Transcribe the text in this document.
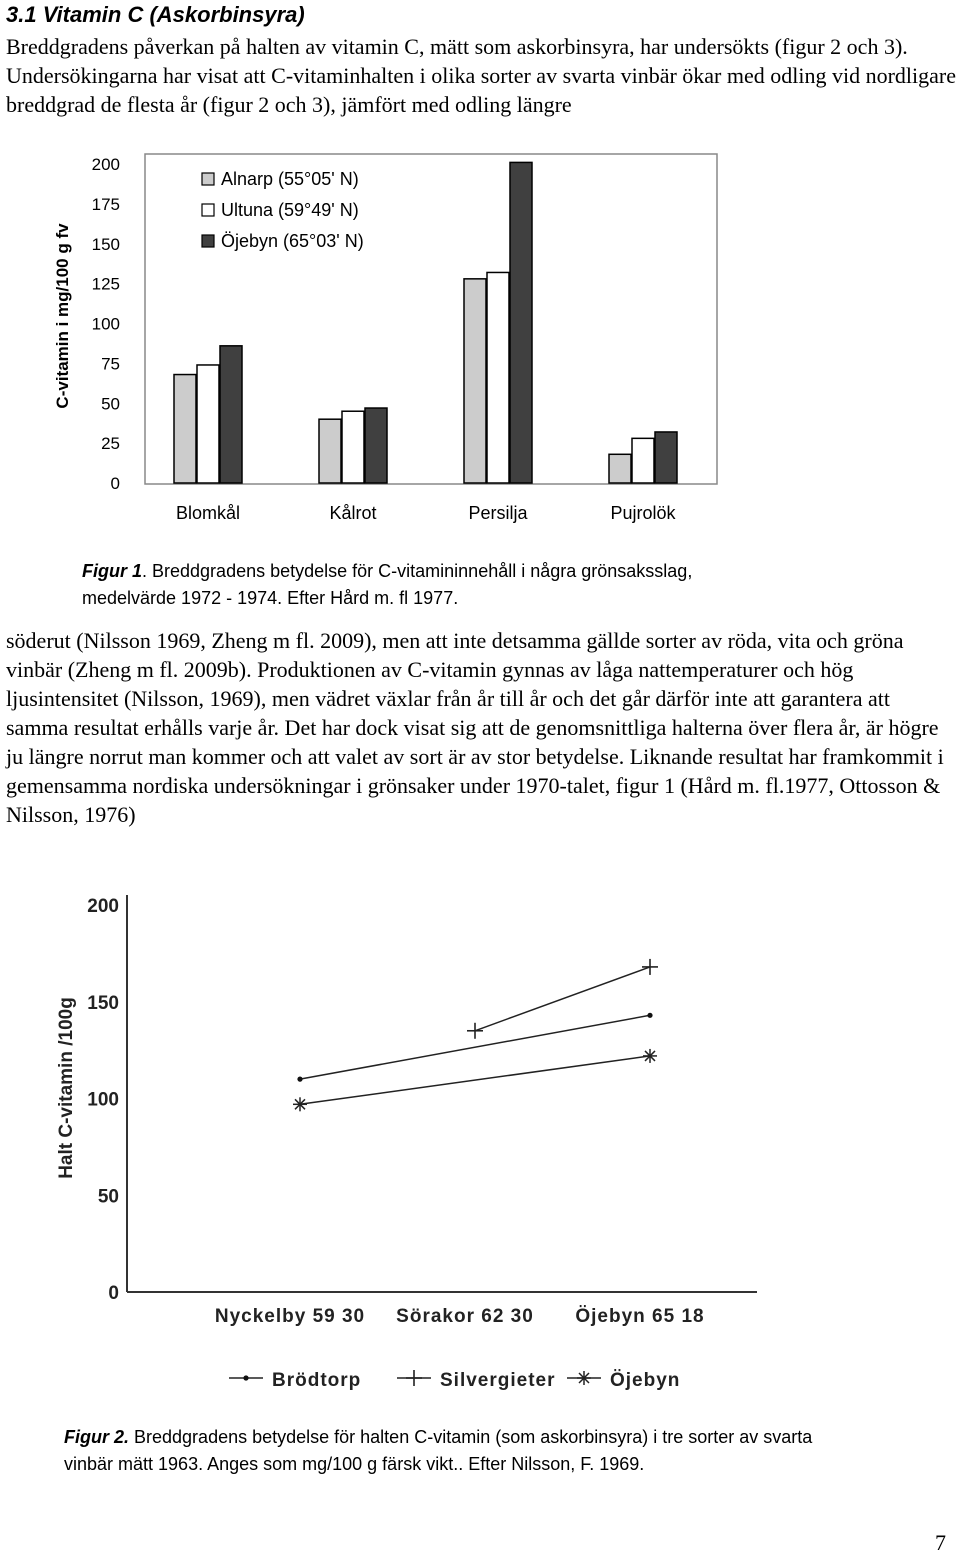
3.1 Vitamin C (Askorbinsyra)

Breddgradens påverkan på halten av vitamin C, mätt som askorbinsyra, har undersökts (figur 2 och 3). Undersökingarna har visat att C-vitaminhalten i olika sorter av svarta vinbär ökar med odling vid nordligare breddgrad de flesta år (figur 2 och 3), jämfört med odling längre

C-vitamin i mg/100 g fv
0
25
50
75
100
125
150
175
200
Blomkål	Kålrot	Persilja	Pujrolök
Alnarp (55°05' N)
Ultuna (59°49' N)
Öjebyn (65°03' N)

Figur 1. Breddgradens betydelse för C-vitamininnehåll i några grönsaksslag, medelvärde 1972 - 1974. Efter Hård m. fl 1977.

söderut (Nilsson 1969, Zheng m fl. 2009), men att inte detsamma gällde sorter av röda, vita och gröna vinbär (Zheng m fl. 2009b). Produktionen av C-vitamin gynnas av låga nattemperaturer och hög ljusintensitet (Nilsson, 1969), men vädret växlar från år till år och det går därför inte att garantera att samma resultat erhålls varje år. Det har dock visat sig att de genomsnittliga halterna över flera år, är högre ju längre norrut man kommer och att valet av sort är av stor betydelse. Liknande resultat har framkommit i gemensamma nordiska undersökningar i grönsaker under 1970-talet, figur 1 (Hård m. fl.1977, Ottosson & Nilsson, 1976)

Halt C-vitamin /100g
0
50
100
150
200
Nyckelby 59 30 Sörakor 62 30 Öjebyn 65 18
Brödtorp	Silvergieter	Öjebyn

Figur 2. Breddgradens betydelse för halten C-vitamin (som askorbinsyra) i tre sorter av svarta vinbär mätt 1963. Anges som mg/100 g färsk vikt.. Efter Nilsson, F. 1969.

7
